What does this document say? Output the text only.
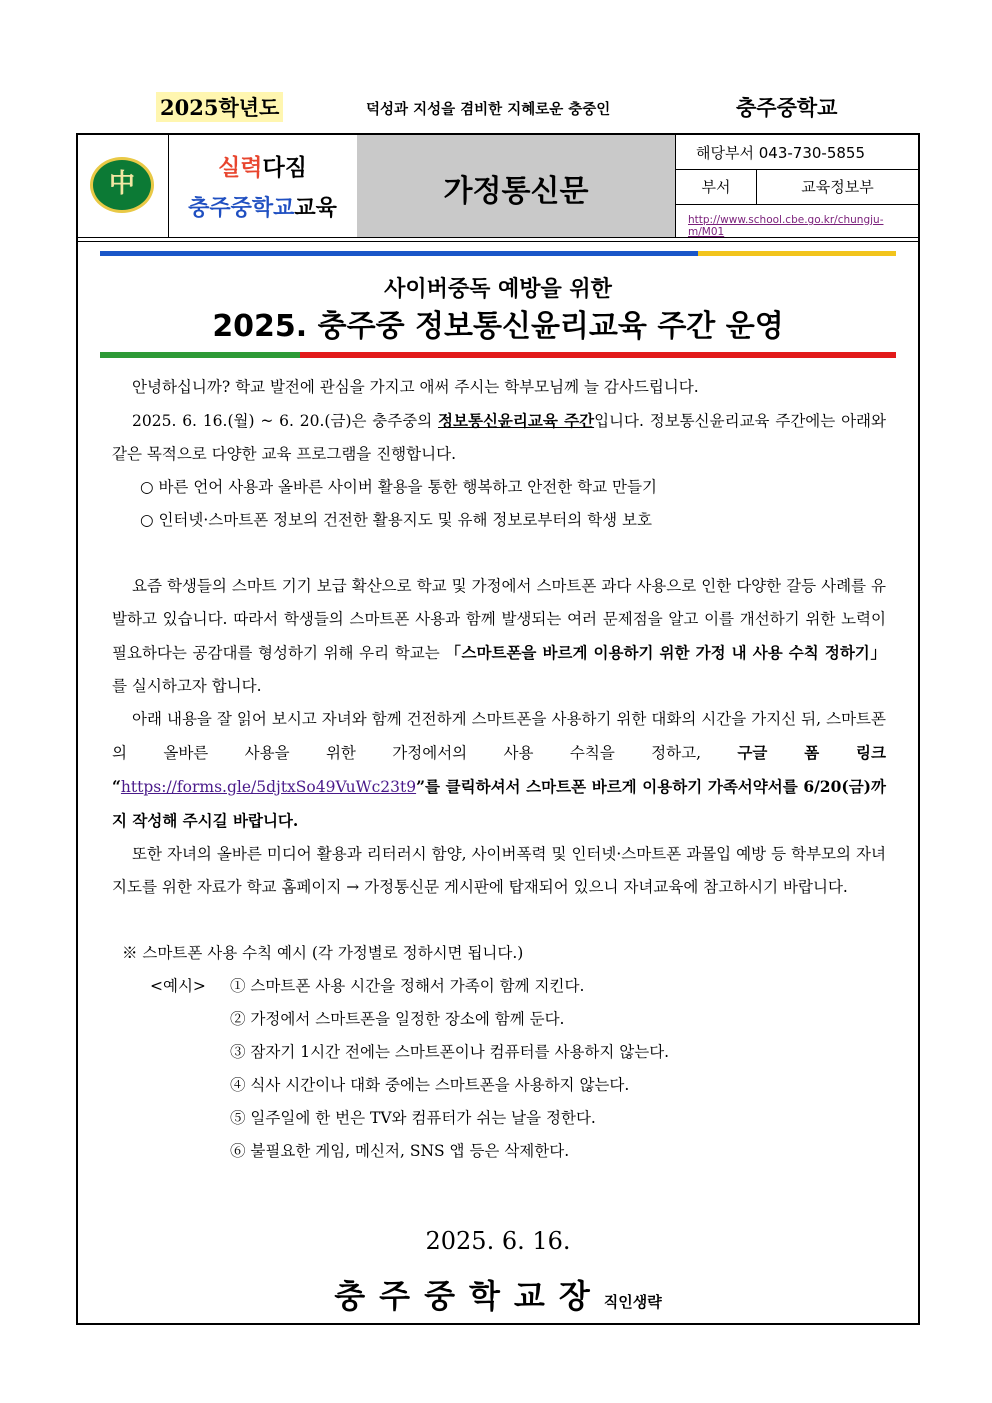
2025학년도	덕성과 지성을 겸비한 지혜로운 충중인	충주중학교
中
실력다짐
충주중학교교육	가정통신문
해당부서 043-730-5855
부서	교육정보부
http://www.school.cbe.go.kr/chungju-m/M01
사이버중독 예방을 위한
2025. 충주중 정보통신윤리교육 주간 운영

안녕하십니까? 학교 발전에 관심을 가지고 애써 주시는 학부모님께 늘 감사드립니다.

2025. 6. 16.(월) ~ 6. 20.(금)은 충주중의 정보통신윤리교육 주간입니다. 정보통신윤리교육 주간에는 아래와 같은 목적으로 다양한 교육 프로그램을 진행합니다.

○ 바른 언어 사용과 올바른 사이버 활용을 통한 행복하고 안전한 학교 만들기

○ 인터넷·스마트폰 정보의 건전한 활용지도 및 유해 정보로부터의 학생 보호

요즘 학생들의 스마트 기기 보급 확산으로 학교 및 가정에서 스마트폰 과다 사용으로 인한 다양한 갈등 사례를 유발하고 있습니다. 따라서 학생들의 스마트폰 사용과 함께 발생되는 여러 문제점을 알고 이를 개선하기 위한 노력이 필요하다는 공감대를 형성하기 위해 우리 학교는 「스마트폰을 바르게 이용하기 위한 가정 내 사용 수칙 정하기」를 실시하고자 합니다.

아래 내용을 잘 읽어 보시고 자녀와 함께 건전하게 스마트폰을 사용하기 위한 대화의 시간을 가지신 뒤, 스마트폰의 올바른 사용을 위한 가정에서의 사용 수칙을 정하고, 구글 폼 링크 “https://forms.gle/5djtxSo49VuWc23t9”를 클릭하셔서 스마트폰 바르게 이용하기 가족서약서를 6/20(금)까지 작성해 주시길 바랍니다.

또한 자녀의 올바른 미디어 활용과 리터러시 함양, 사이버폭력 및 인터넷·스마트폰 과몰입 예방 등 학부모의 자녀 지도를 위한 자료가 학교 홈페이지 → 가정통신문 게시판에 탑재되어 있으니 자녀교육에 참고하시기 바랍니다.

※ 스마트폰 사용 수칙 예시 (각 가정별로 정하시면 됩니다.)

<예시> ① 스마트폰 사용 시간을 정해서 가족이 함께 지킨다.
② 가정에서 스마트폰을 일정한 장소에 함께 둔다.
③ 잠자기 1시간 전에는 스마트폰이나 컴퓨터를 사용하지 않는다.
④ 식사 시간이나 대화 중에는 스마트폰을 사용하지 않는다.
⑤ 일주일에 한 번은 TV와 컴퓨터가 쉬는 날을 정한다.
⑥ 불필요한 게임, 메신저, SNS 앱 등은 삭제한다.
2025. 6. 16.
충주중학교장직인생략
